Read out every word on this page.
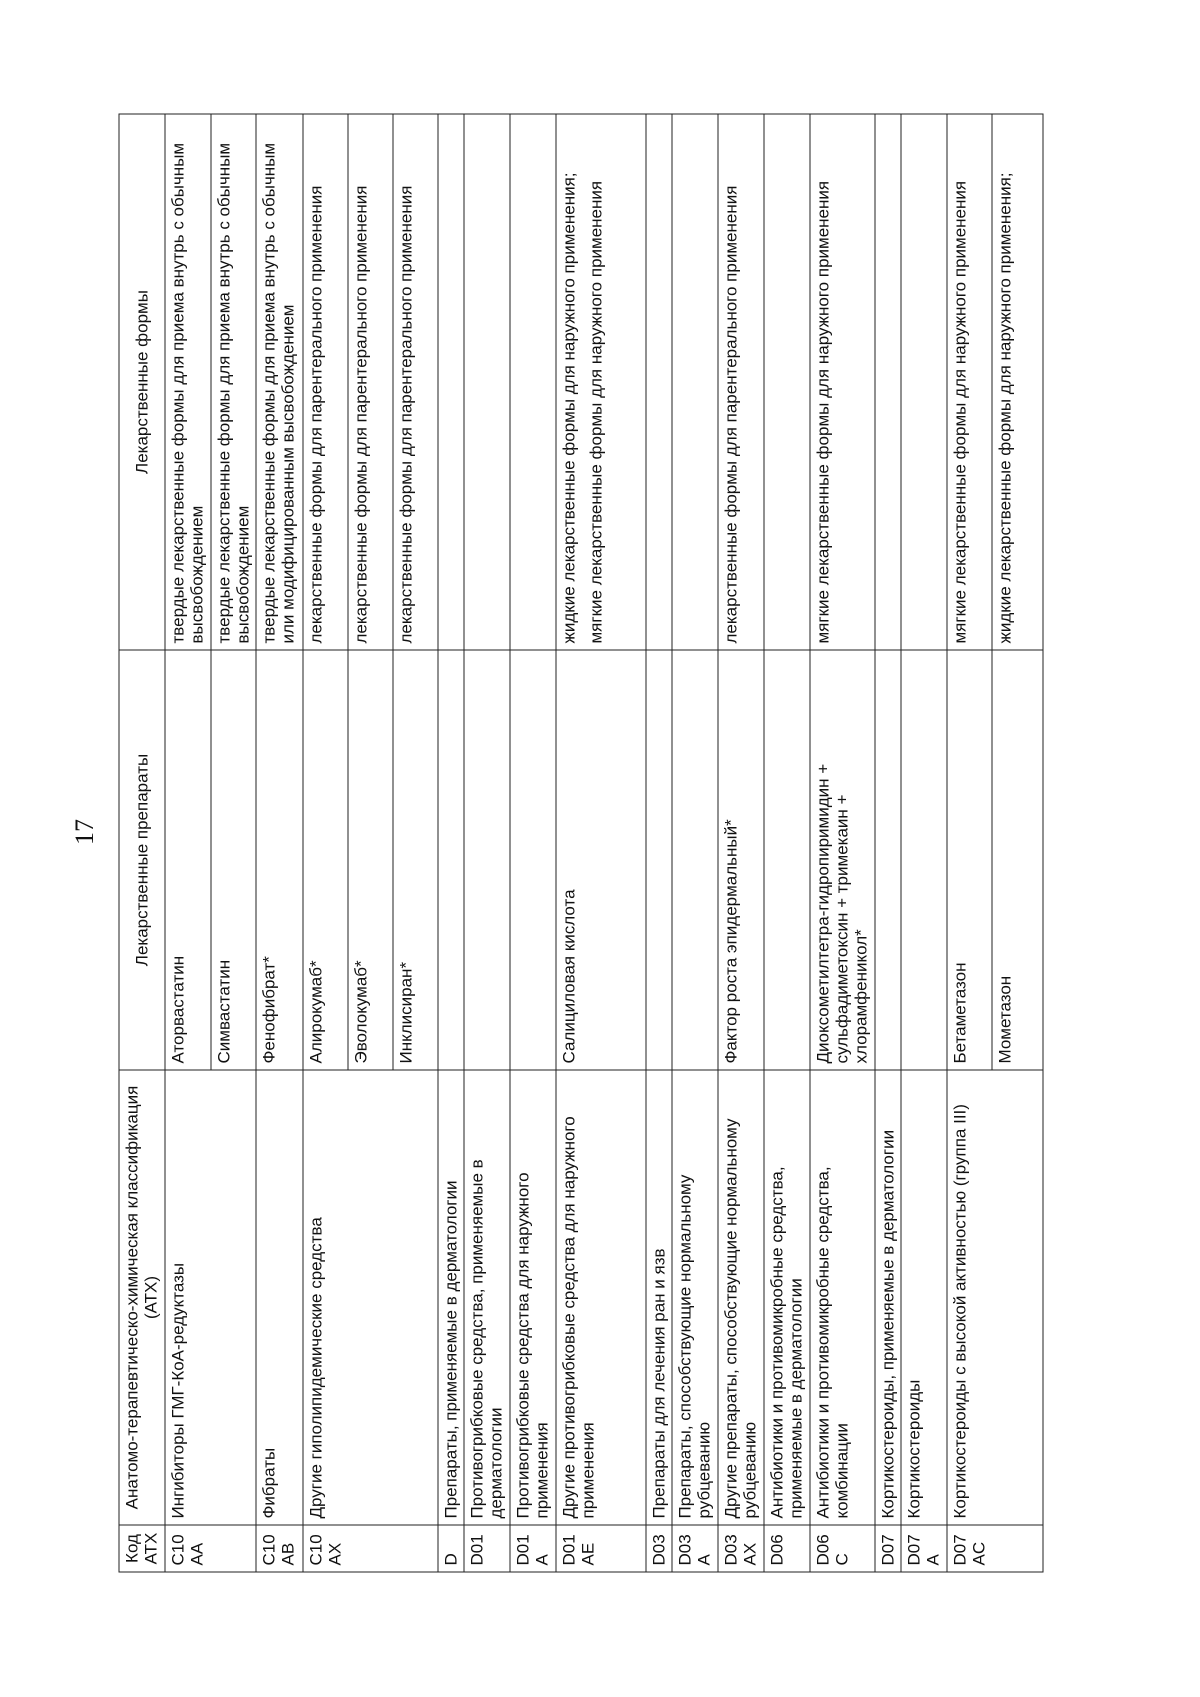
17
Код АТХ	Анатомо-терапевтическо-химическая классификация (АТХ)	Лекарственные препараты	Лекарственные формы
C10AA	Ингибиторы ГМГ-КоА-редуктазы	Аторвастатин	твердые лекарственные формы для приема внутрь с обычным высвобождением
		Симвастатин	твердые лекарственные формы для приема внутрь с обычным высвобождением
C10AB	Фибраты	Фенофибрат*	твердые лекарственные формы для приема внутрь с обычным или модифицированным высвобождением
C10AX	Другие гиполипидемические средства	Алирокумаб*	лекарственные формы для парентерального применения
		Эволокумаб*	лекарственные формы для парентерального применения
		Инклисиран*	лекарственные формы для парентерального применения
D	Препараты, применяемые в дерматологии		
D01	Противогрибковые средства, применяемые в дерматологии		
D01A	Противогрибковые средства для наружного применения		
D01AE	Другие противогрибковые средства для наружного применения	Салициловая кислота	жидкие лекарственные формы для наружного применения; мягкие лекарственные формы для наружного применения

D03	Препараты для лечения ран и язв		
D03A	Препараты, способствующие нормальному рубцеванию		
D03AX	Другие препараты, способствующие нормальному рубцеванию	Фактор роста эпидермальный*	лекарственные формы для парентерального применения
D06	Антибиотики и противомикробные средства, применяемые в дерматологии		
D06C	Антибиотики и противомикробные средства, комбинации	Диоксометилтетра-гидропиримидин + сульфадиметоксин + тримекаин + хлорамфеникол*	мягкие лекарственные формы для наружного применения
D07	Кортикостероиды, применяемые в дерматологии		
D07A	Кортикостероиды		
D07AC	Кортикостероиды с высокой активностью (группа III)	Бетаметазон	мягкие лекарственные формы для наружного применения
		Мометазон	жидкие лекарственные формы для наружного применения;
